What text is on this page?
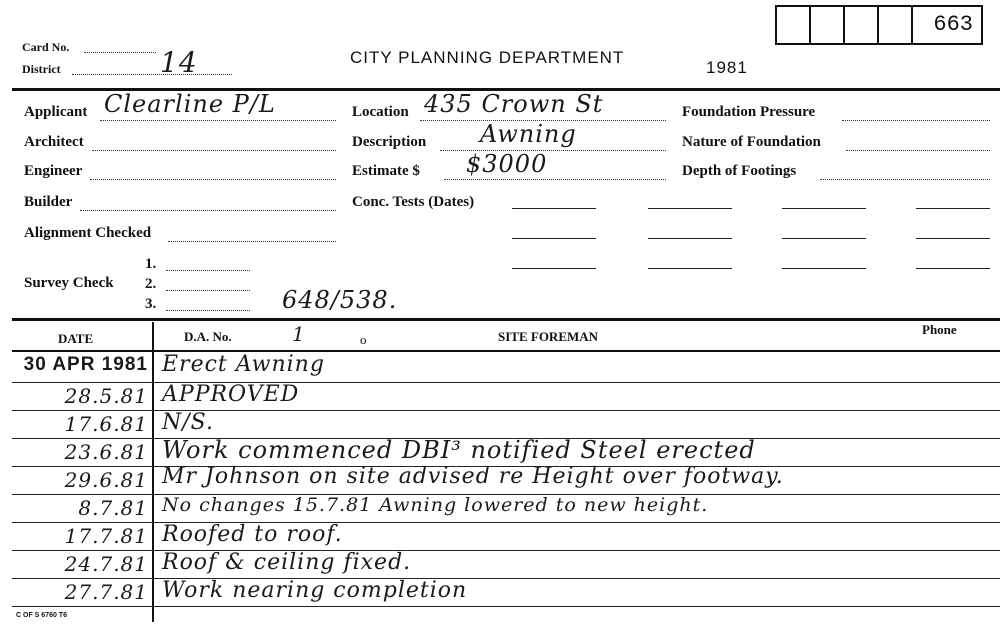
Card No.
District	14	CITY PLANNING DEPARTMENT
1981
663
Applicant Clearline P/L
Architect
Engineer
Builder
Alignment Checked
Survey Check
1.
2.
3.	648/538.
Location 435 Crown St
Description Awning
Estimate $ $3000
Conc. Tests (Dates)
Foundation Pressure
Nature of Foundation
Depth of Footings
DATE	D.A. No.	1	o	SITE FOREMAN	Phone
30 APR 1981 Erect Awning
28.5.81 APPROVED
17.6.81 N/S.
23.6.81 Work commenced DBI³ notified Steel erected
29.6.81 Mr Johnson on site advised re Height over footway.
8.7.81 No changes 15.7.81 Awning lowered to new height.
17.7.81 Roofed to roof.
24.7.81 Roof & ceiling fixed.
27.7.81 Work nearing completion
C OF S 6760 T6
